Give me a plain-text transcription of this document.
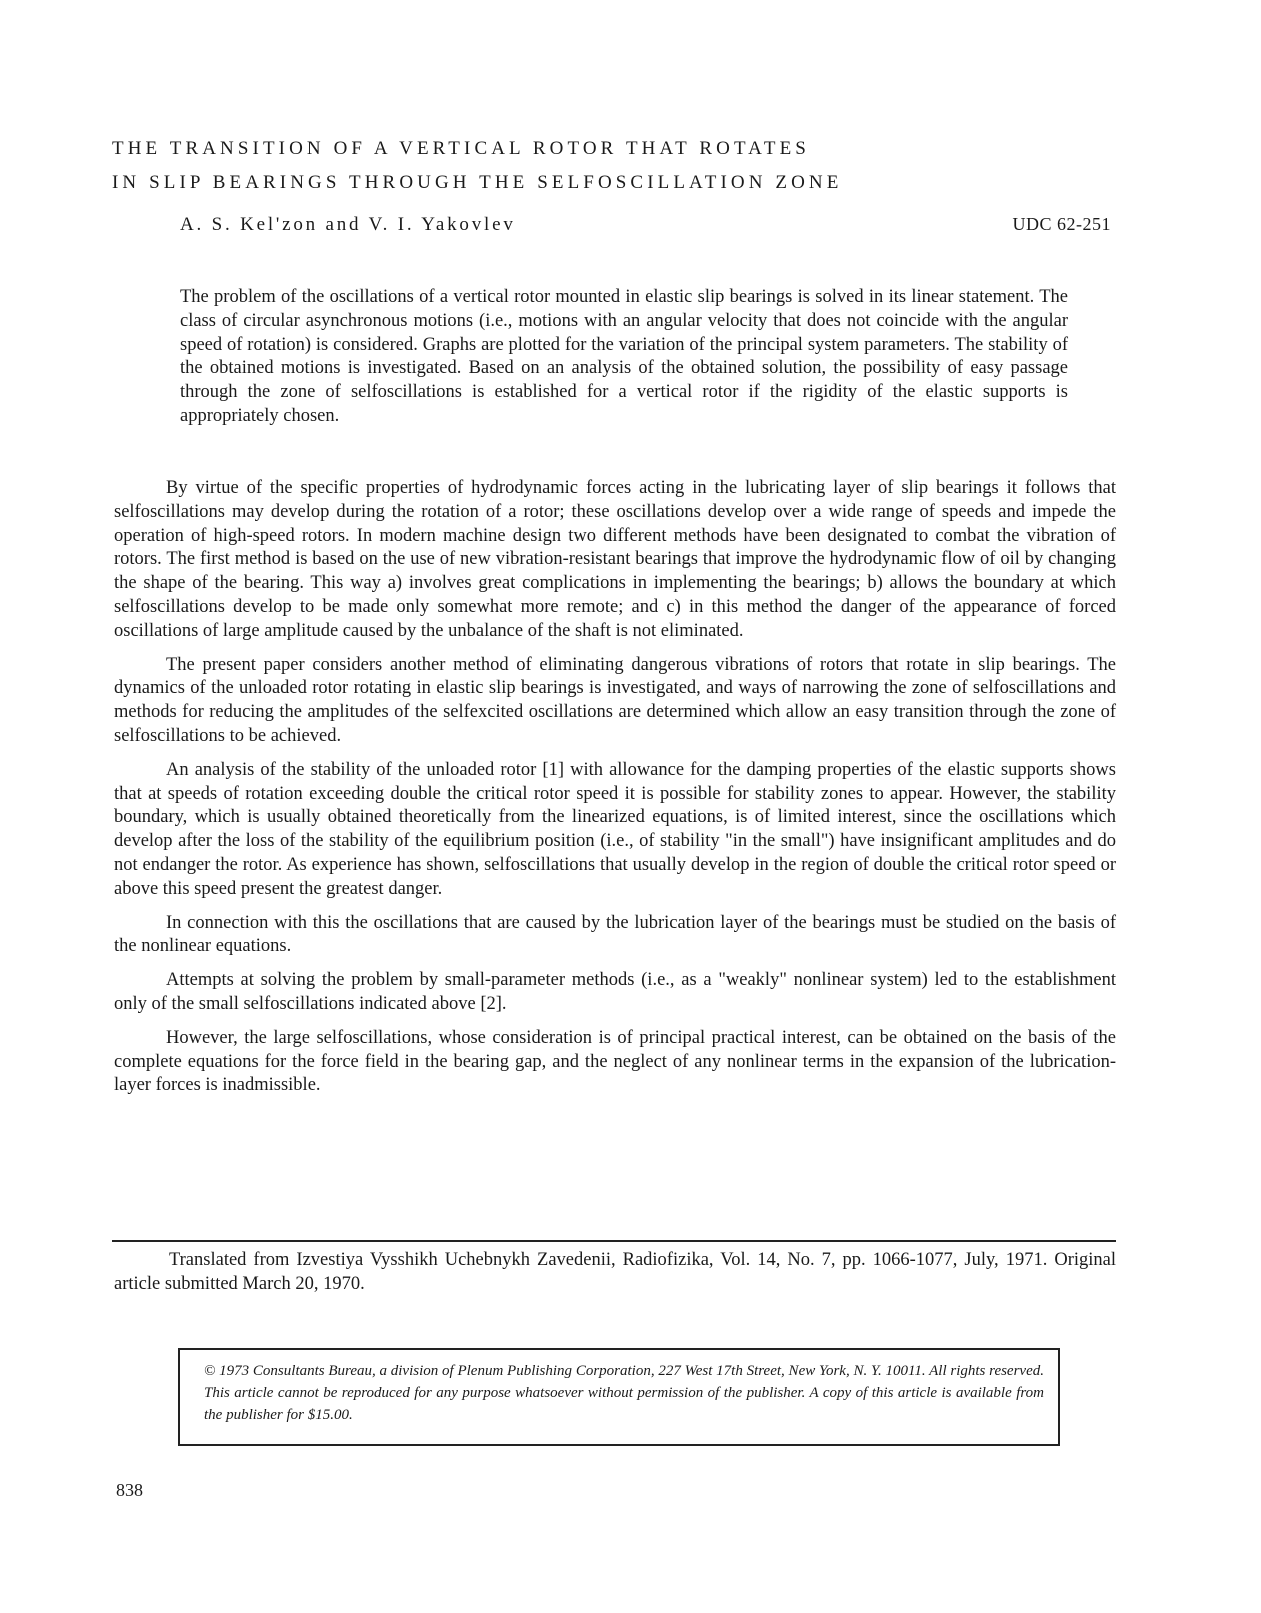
THE TRANSITION OF A VERTICAL ROTOR THAT ROTATES
IN SLIP BEARINGS THROUGH THE SELFOSCILLATION ZONE
A. S. Kel'zon and V. I. Yakovlev	UDC 62-251
The problem of the oscillations of a vertical rotor mounted in elastic slip bearings is solved in its linear statement. The class of circular asynchronous motions (i.e., motions with an angular velocity that does not coincide with the angular speed of rotation) is considered. Graphs are plotted for the variation of the principal system parameters. The stability of the obtained motions is investigated. Based on an analysis of the obtained solution, the possibility of easy passage through the zone of selfoscillations is established for a vertical rotor if the rigidity of the elastic supports is appropriately chosen.

By virtue of the specific properties of hydrodynamic forces acting in the lubricating layer of slip bearings it follows that selfoscillations may develop during the rotation of a rotor; these oscillations develop over a wide range of speeds and impede the operation of high-speed rotors. In modern machine design two different methods have been designated to combat the vibration of rotors. The first method is based on the use of new vibration-resistant bearings that improve the hydrodynamic flow of oil by changing the shape of the bearing. This way a) involves great complications in implementing the bearings; b) allows the boundary at which selfoscillations develop to be made only somewhat more remote; and c) in this method the danger of the appearance of forced oscillations of large amplitude caused by the unbalance of the shaft is not eliminated.

The present paper considers another method of eliminating dangerous vibrations of rotors that rotate in slip bearings. The dynamics of the unloaded rotor rotating in elastic slip bearings is investigated, and ways of narrowing the zone of selfoscillations and methods for reducing the amplitudes of the selfexcited oscillations are determined which allow an easy transition through the zone of selfoscillations to be achieved.

An analysis of the stability of the unloaded rotor [1] with allowance for the damping properties of the elastic supports shows that at speeds of rotation exceeding double the critical rotor speed it is possible for stability zones to appear. However, the stability boundary, which is usually obtained theoretically from the linearized equations, is of limited interest, since the oscillations which develop after the loss of the stability of the equilibrium position (i.e., of stability "in the small") have insignificant amplitudes and do not endanger the rotor. As experience has shown, selfoscillations that usually develop in the region of double the critical rotor speed or above this speed present the greatest danger.

In connection with this the oscillations that are caused by the lubrication layer of the bearings must be studied on the basis of the nonlinear equations.

Attempts at solving the problem by small-parameter methods (i.e., as a "weakly" nonlinear system) led to the establishment only of the small selfoscillations indicated above [2].

However, the large selfoscillations, whose consideration is of principal practical interest, can be obtained on the basis of the complete equations for the force field in the bearing gap, and the neglect of any nonlinear terms in the expansion of the lubrication-layer forces is inadmissible.

Translated from Izvestiya Vysshikh Uchebnykh Zavedenii, Radiofizika, Vol. 14, No. 7, pp. 1066-1077, July, 1971. Original article submitted March 20, 1970.
© 1973 Consultants Bureau, a division of Plenum Publishing Corporation, 227 West 17th Street, New York, N. Y. 10011. All rights reserved. This article cannot be reproduced for any purpose whatsoever without permission of the publisher. A copy of this article is available from the publisher for $15.00.
838
